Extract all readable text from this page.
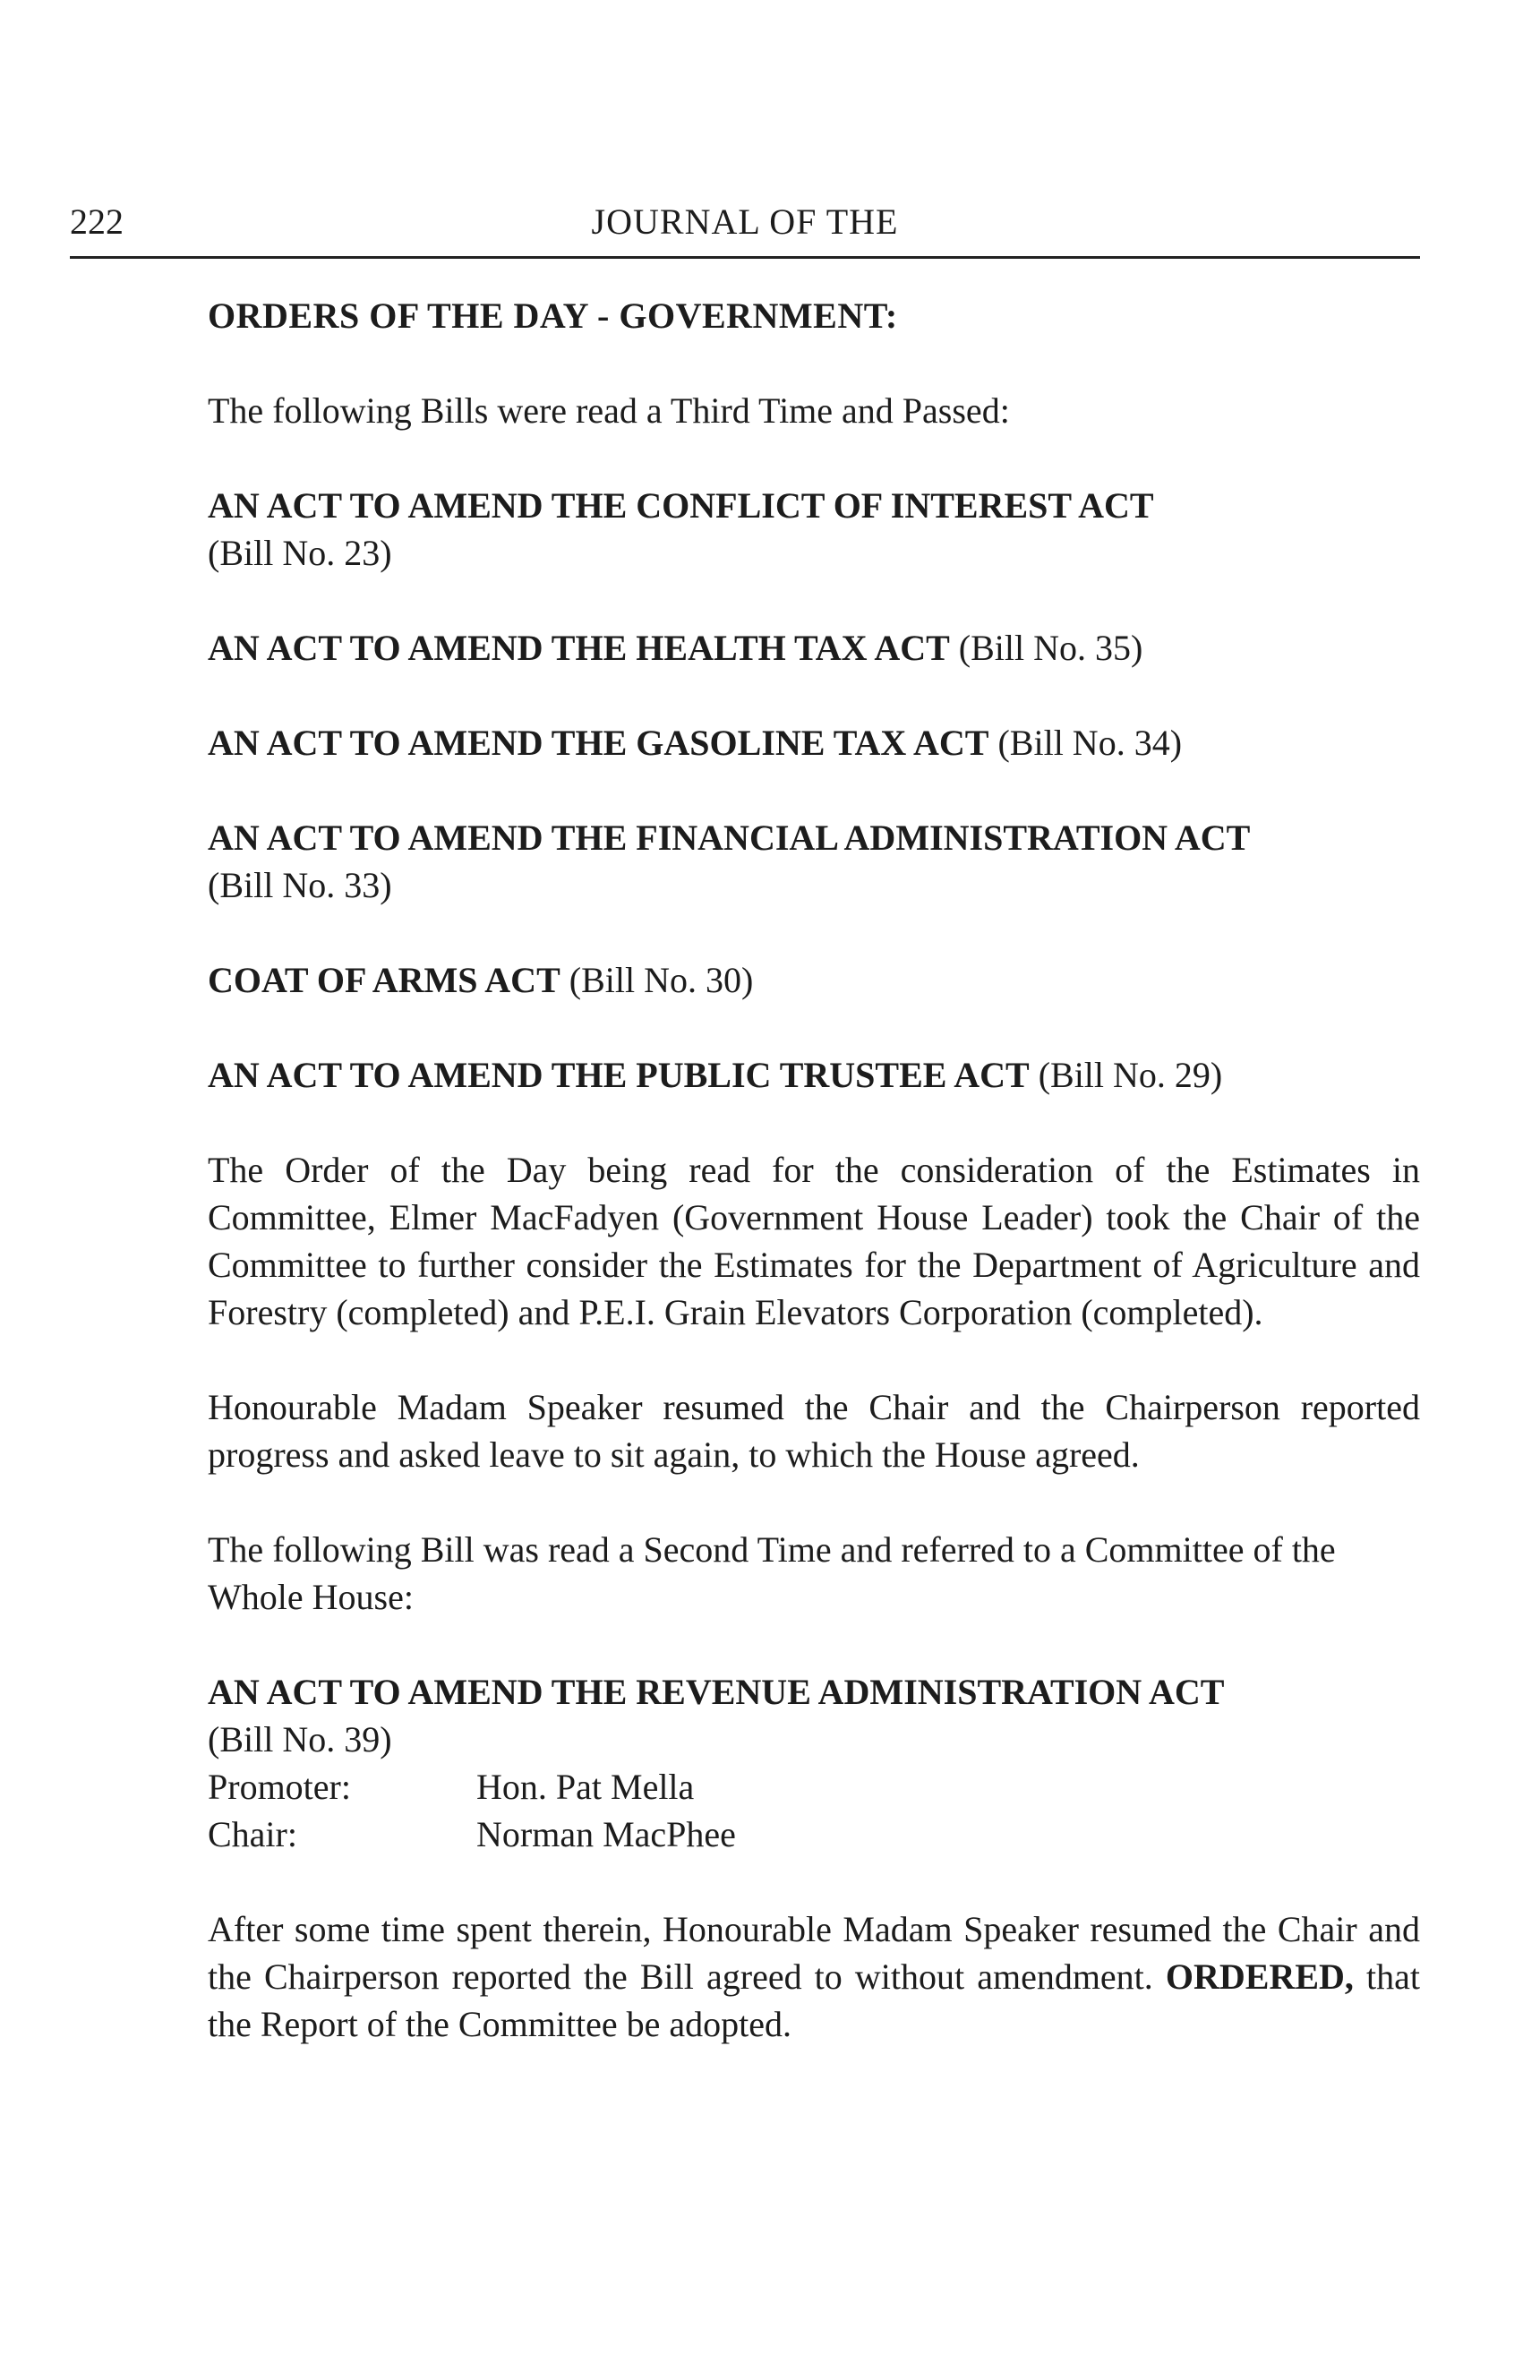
222	JOURNAL OF THE

ORDERS OF THE DAY - GOVERNMENT:

The following Bills were read a Third Time and Passed:

AN ACT TO AMEND THE CONFLICT OF INTEREST ACT
(Bill No. 23)

AN ACT TO AMEND THE HEALTH TAX ACT (Bill No. 35)

AN ACT TO AMEND THE GASOLINE TAX ACT (Bill No. 34)

AN ACT TO AMEND THE FINANCIAL ADMINISTRATION ACT
(Bill No. 33)

COAT OF ARMS ACT (Bill No. 30)

AN ACT TO AMEND THE PUBLIC TRUSTEE ACT (Bill No. 29)

The Order of the Day being read for the consideration of the Estimates in Committee, Elmer MacFadyen (Government House Leader) took the Chair of the Committee to further consider the Estimates for the Department of Agriculture and Forestry (completed) and P.E.I. Grain Elevators Corporation (completed).

Honourable Madam Speaker resumed the Chair and the Chairperson reported progress and asked leave to sit again, to which the House agreed.

The following Bill was read a Second Time and referred to a Committee of the Whole House:

AN ACT TO AMEND THE REVENUE ADMINISTRATION ACT
(Bill No. 39)

Promoter:	Hon. Pat Mella
Chair:	Norman MacPhee

After some time spent therein, Honourable Madam Speaker resumed the Chair and the Chairperson reported the Bill agreed to without amendment. ORDERED, that the Report of the Committee be adopted.
